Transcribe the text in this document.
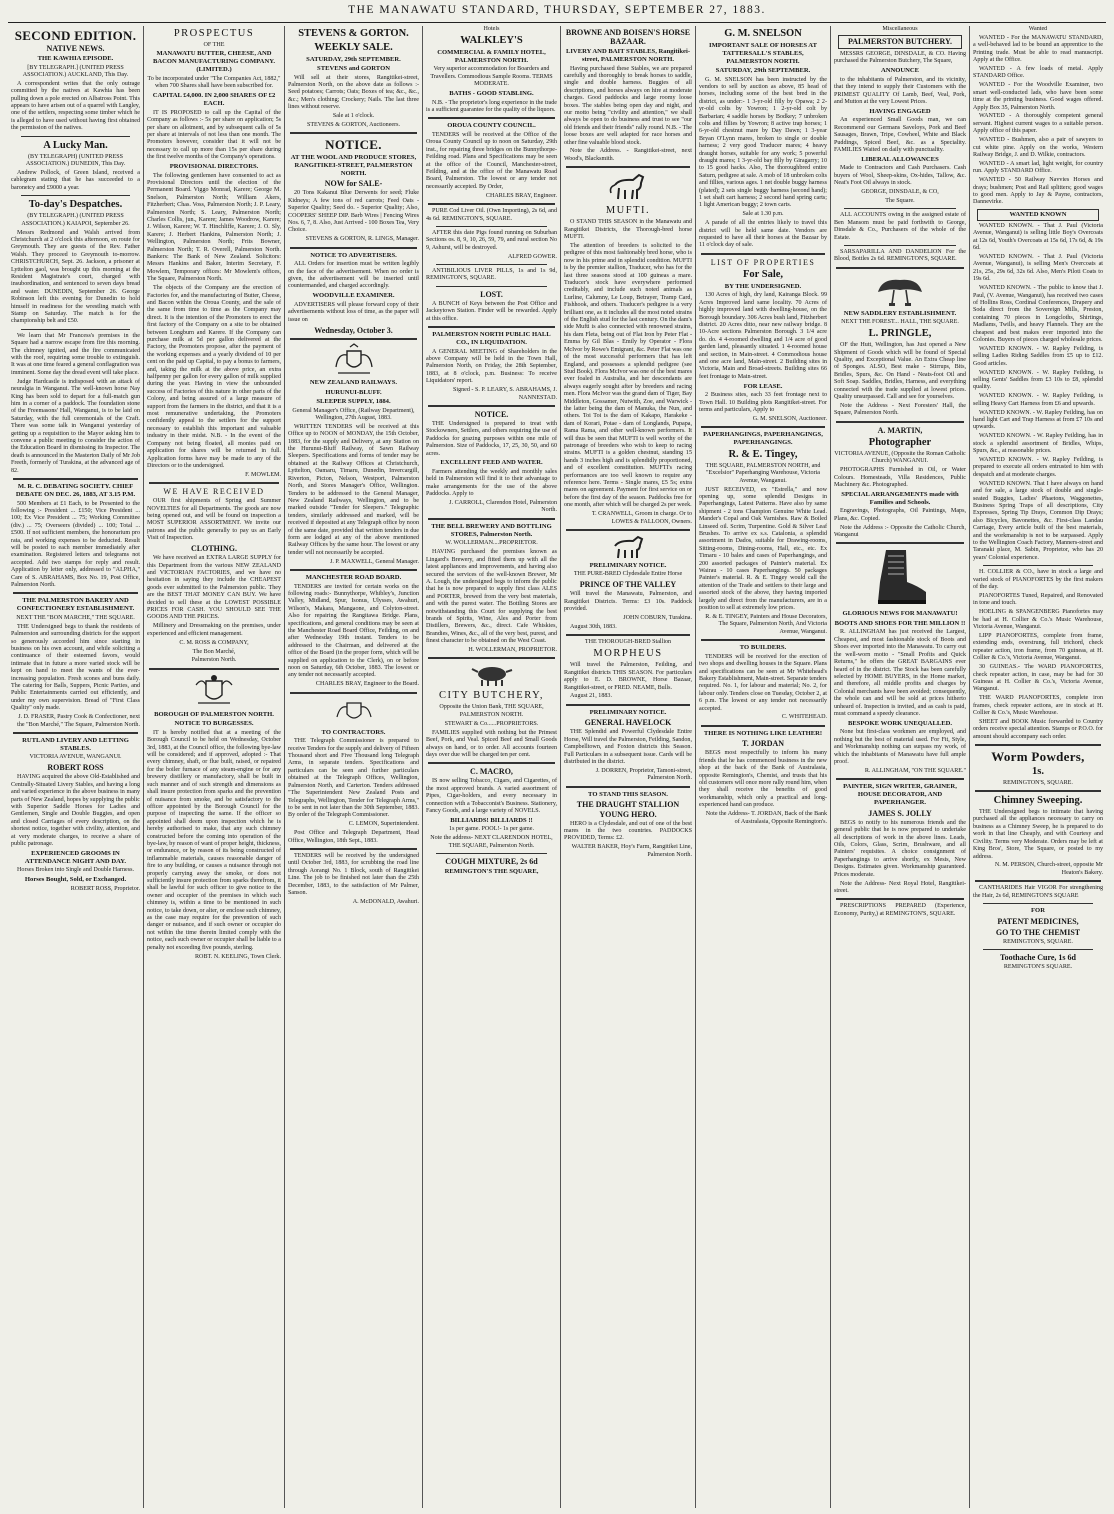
THE MANAWATU STANDARD, THURSDAY, SEPTEMBER 27, 1883.
SECOND EDITION.
NATIVE NEWS.
THE KAWHIA EPISODE.

[BY TELEGRAPH.] (UNITED PRESS ASSOCIATION.) AUCKLAND, This Day.

A correspondent writes that the only outrage committed by the natives at Kawhia has been pulling down a pole erected on Albatross Point. This appears to have arisen out of a quarrel with Langley, one of the settlers, respecting some timber which he is alleged to have used without having first obtained the permission of the natives.

A Lucky Man.

(BY TELEGRAPH) (UNITED PRESS ASSOCIATION.) DUNEDIN, This Day.

Andrew Pollock, of Green Island, received a cablegram stating that he has succeeded to a baronetcy and £9000 a year.

To-day's Despatches.

(BY TELEGRAPH.) (UNITED PRESS ASSOCIATION.) KAIAPOI, September 26.

Messrs Redmond and Walsh arrived from Christchurch at 2 o'clock this afternoon, en route for Greymouth. They are guests of the Rev. Father Walsh. They proceed to Greymouth to-morrow. CHRISTCHURCH, Sept. 26. Jackson, a prisoner at Lyttelton gaol, was brought up this morning at the Resident Magistrate's court, charged with insubordination, and sentenced to seven days bread and water. DUNEDIN, September 26. George Robinson left this evening for Dunedin to hold himself in readiness for the wrestling match with Stamp on Saturday. The match is for the championship belt and £50.

We learn that Mr Francess's premises in the Square had a narrow escape from fire this morning. The chimney ignited, and the fire communicated with the roof, requiring some trouble to extinguish. It was at one time feared a general conflagration was imminent. Some day the dread event will take place.

Judge Hardcastle is indisposed with an attack of neuralgia in Wanganui. The well-known horse Nay King has been sold to depart for a full-match gun him in a corner of a paddock. The foundation stone of the Freemasons' Hall, Wanganui, is to be laid on Saturday, with the full ceremonials of the Craft. There was some talk in Wanganui yesterday of getting up a requisition to the Mayor asking him to convene a public meeting to consider the action of the Education Board in dismissing its Inspector. The death is announced in the Masterton Daily of Mr Job Freeth, formerly of Turakina, at the advanced age of 82.

M. R. C. DEBATING SOCIETY. CHIEF DEBATE ON DEC. 26, 1883, AT 3.15 P.M.

500 Members at £1 Each, to be Presented to the following :- President ... £150; Vice President ... 100; Ex Vice President ... 75; Working Committee (div.) ... 75; Overseers (divided) ... 100; Total ... £500. If not sufficient members, the honorarium pro rata, and working expenses to be deducted. Result will be posted to each member immediately after examination. Registered letters and telegrams not accepted. Add two stamps for reply and result. Application by letter only, addressed to "ALPHA," Care of S. ABRAHAMS, Box No. 19, Post Office, Palmerston North.

THE PALMERSTON BAKERY AND CONFECTIONERY ESTABLISHMENT.

NEXT THE "BON MARCHE," THE SQUARE.

THE Undersigned begs to thank the residents of Palmerston and surrounding districts for the support so generously accorded him since starting in business on his own account, and while soliciting a continuance of their esteemed favors, would intimate that in future a more varied stock will be kept on hand to meet the wants of the ever-increasing population. Fresh scones and buns daily. The catering for Balls, Suppers, Picnic Parties, and Public Entertainments carried out efficiently, and under my own supervision. Bread of "First Class Quality" only made.

J. D. FRASER, Pastry Cook & Confectioner, next the "Bon Marché," The Square, Palmerston North.

RUTLAND LIVERY AND LETTING STABLES.

VICTORIA AVENUE, WANGANUI.

ROBERT ROSS

HAVING acquired the above Old-Established and Centrally-Situated Livery Stables, and having a long and varied experience in the above business in many parts of New Zealand, hopes by supplying the public with Superior Saddle Horses for Ladies and Gentlemen, Single and Double Buggies, and open and closed Carriages of every description, on the shortest notice, together with civility, attention, and at very moderate charges, to receive a share of public patronage.

EXPERIENCED GROOMS IN ATTENDANCE NIGHT AND DAY.

Horses Broken into Single and Double Harness.

Horses Bought, Sold, or Exchanged.

ROBERT ROSS, Proprietor.

PROSPECTUS

OF THE

MANAWATU BUTTER, CHEESE, AND BACON MANUFACTURING COMPANY. (LIMITED.)

To be incorporated under "The Companies Act, 1882," when 700 Shares shall have been subscribed for.

CAPITAL £4,000. IN 2,000 SHARES OF £2 EACH.

IT IS PROPOSED to call up the Capital of the Company as follows :- 5s per share on application; 5s per share on allotment, and by subsequent calls of 5s per share at intervals of not less than one month. The Promoters however, consider that it will not be necessary to call up more than 15s per share during the first twelve months of the Company's operations.

PROVISIONAL DIRECTORS.

The following gentlemen have consented to act as Provisional Directors until the election of the Permanent Board. Viggo Monrad, Karere; George M. Snelson, Palmerston North; William Akers, Fitzherbert; Chas. Voss, Palmerston North; J. P. Leary, Palmerston North; S. Leary, Palmerston North; Charles Collis, jun., Karere; James Woodrow, Karere; J. Wilson, Karere; W. T. Hinchliffe, Karere; J. O. Sly, Karere; J. Herbert Hankins, Palmerston North; J. Wellington, Palmerston North; Frits Bowner, Palmerston North; T. R. Overell, Palmerston North. Bankers: The Bank of New Zealand. Solicitors: Messrs Hankins and Baker, Interim Secretary, F. Mowlem, Temporary offices: Mr Mowlem's offices, The Square, Palmerston North.

The objects of the Company are the erection of Factories for, and the manufacturing of Butter, Cheese, and Bacon within the Oroua County, and the sale of the same from time to time as the Company may direct. It is the intention of the Promoters to erect the first factory of the Company on a site to be obtained between Longburn and Karere. If the Company can purchase milk at 5d per gallon delivered at the Factory, the Promoters propose, after the payment of the working expenses and a yearly dividend of 10 per cent on the paid up Capital, to pay a bonus to farmers, and, taking the milk at the above price, an extra halfpenny per gallon for every gallon of milk supplied during the year. Having in view the unbounded success of Factories of this nature in other parts of the Colony, and being assured of a large measure of support from the farmers in the district, and that it is a most remunerative undertaking, the Promoters confidently appeal to the settlers for the support necessary to establish this important and valuable industry in their midst. N.B. - In the event of the Company not being floated, all monies paid on application for shares will be returned in full. Application forms have may be made to any of the Directors or to the undersigned.

F. MOWLEM.

WE HAVE RECEIVED

OUR first shipments of Spring and Summer NOVELTIES for all Departments. The goods are now being opened out, and will be found on inspection a MOST SUPERIOR ASSORTMENT. We invite our patrons and the public generally to pay us an Early Visit of Inspection.

CLOTHING.

We have received an EXTRA LARGE SUPPLY for this Department from the various NEW ZEALAND and VICTORIAN FACTORIES, and we have no hesitation in saying they include the CHEAPEST goods ever submitted to the Palmerston public. They are the BEST THAT MONEY CAN BUY. We have decided to sell these at the LOWEST POSSIBLE PRICES FOR CASH. YOU SHOULD SEE THE GOODS AND THE PRICES.

Millinery and Dressmaking on the premises, under experienced and efficient management.

C. M. ROSS & COMPANY,

The Bon Marché,

Palmerston North.

BOROUGH OF PALMERSTON NORTH.
NOTICE TO BURGESSES.

IT is hereby notified that at a meeting of the Borough Council to be held on Wednesday, October 3rd, 1883, at the Council office, the following bye-law will be considered; and if approved, adopted :- That every chimney, shaft, or flue built, raised, or repaired for the boiler furnace of any steam-engine or for any brewery distillery or manufactory, shall be built in such manner and of such strength and dimensions as shall insure protection from sparks and the prevention of nuisance from smoke, and be satisfactory to the officer appointed by the Borough Council for the purpose of inspecting the same. If the officer so appointed shall deem upon inspection which he is hereby authorised to make, that any such chimney constructed before the coming into operation of the bye-law, by reason of want of proper height, thickness, or endurance, or by reason of its being constructed of inflammable materials, causes reasonable danger of fire to any building, or causes a nuisance through not properly carrying away the smoke, or does not sufficiently insure protection from sparks therefrom, it shall be lawful for such officer to give notice to the owner and occupier of the premises in which such chimney is, within a time to be mentioned in such notice, to take down, or alter, or enclose such chimney, as the case may require for the prevention of such danger or nuisance, and if such owner or occupier do not within the time therein limited comply with the notice, each such owner or occupier shall be liable to a penalty not exceeding five pounds, sterling.

ROBT. N. KEELING, Town Clerk.

STEVENS & GORTON.
WEEKLY SALE.
SATURDAY, 29th SEPTEMBER.
STEVENS and GORTON

Will sell at their stores, Rangitikei-street, Palmerston North, on the above date as follows :- Seed potatoes; Carrots; Oats; Boxes of tea; &c., &c., &c.; Men's clothing; Crockery; Nails. The last three lines without reserve.

Sale at 1 o'clock.

STEVENS & GORTON, Auctioneers.

NOTICE.
AT THE WOOL AND PRODUCE STORES, RANGITIKEI-STREET, PALMERSTON NORTH.
NOW for SALE-

20 Tons Kakanui Blue Derwents for seed; Fluke Kidneys; A few tons of red carrots; Feed Oats - Superior Quality; Seed do. - Superior Quality; Also, COOPERS' SHEEP DIP. Barb Wires | Fencing Wires Nos. 6, 7, 8. Also, Just Arrived - 100 Boxes Tea, Very Choice.

STEVENS & GORTON, R. LINGS, Manager.

NOTICE TO ADVERTISERS.

ALL Orders for insertion must be written legibly on the face of the advertisement. When no order is given, the advertisement will be inserted until countermanded, and charged accordingly.

WOODVILLE EXAMINER.

ADVERTISERS will please forward copy of their advertisements without loss of time, as the paper will issue on

Wednesday, October 3.
NEW ZEALAND RAILWAYS.
HURUNUI-BLUFF.
SLEEPER SUPPLY, 1884.

General Manager's Office, (Railway Department), Wellington, 27th August, 1883.

WRITTEN TENDERS will be received at this Office up to NOON of MONDAY, the 15th October, 1883, for the supply and Delivery, at any Station on the Hurunui-Bluff Railway, of Sawn Railway Sleepers. Specifications and forms of tender may be obtained at the Railway Offices at Christchurch, Lyttelton, Oamaru, Timaru, Dunedin, Invercargill, Riverton, Picton, Nelson, Westport, Palmerston North, and Stores Manager's Office, Wellington. Tenders to be addressed to the General Manager, New Zealand Railways, Wellington, and to be marked outside "Tender for Sleepers." Telegraphic tenders, similarly addressed and marked, will be received if deposited at any Telegraph office by noon of the same date, provided that written tenders in due form are lodged at any of the above mentioned Railway Offices by the same hour. The lowest or any tender will not necessarily be accepted.

J. P. MAXWELL, General Manager.

MANCHESTER ROAD BOARD.

TENDERS are invited for certain works on the following roads:- Bunnythorpe, Whibley's, Junction Valley, Midland, Spur, Isonus, Ulysses, Awahuri, Wilson's, Makara, Mangaone, and Colyton-street. Also for repairing the Rangitawa Bridge. Plans, specifications, and general conditions may be seen at the Manchester Road Board Office, Feilding, on and after Wednesday 19th instant. Tenders to be addressed to the Chairman, and delivered at the office of the Board (in the proper form, which will be supplied on application to the Clerk), on or before noon on Saturday, 6th October, 1883. The lowest or any tender not necessarily accepted.

CHARLES BRAY, Engineer to the Board.

TO CONTRACTORS.

THE Telegraph Commissioner is prepared to receive Tenders for the supply and delivery of Fifteen Thousand short and Five Thousand long Telegraph Arms, in separate tenders. Specifications and particulars can be seen and further particulars obtained at the Telegraph Offices, Wellington, Palmerston North, and Carterton. Tenders addressed "The Superintendent New Zealand Posts and Telegraphs, Wellington, Tender for Telegraph Arms," to be sent in not later than the 30th September, 1883. By order of the Telegraph Commissioner.

C. LEMON, Superintendent.

Post Office and Telegraph Department, Head Office, Wellington, 18th Sept., 1883.

TENDERS will be received by the undersigned until October 3rd, 1883, for scrubbing the road line through Aorangi No. 1 Block, south of Rangitikei Line. The job to be finished not later than the 25th December, 1883, to the satisfaction of Mr Palmer, Sanson.

A. McDONALD, Awahuri.

Hotels

WALKLEY'S
COMMERCIAL & FAMILY HOTEL, PALMERSTON NORTH.

Very superior accommodation for Boarders and Travellers. Commodious Sample Rooms. TERMS MODERATE.

BATHS - GOOD STABLING.

N.B. - The proprietor's long experience in the trade is a sufficient guarantee for the quality of the liquors.

OROUA COUNTY COUNCIL.

TENDERS will be received at the Office of the Oroua County Council up to noon on Saturday, 29th inst., for repairing three bridges on the Bunnythorpe-Feilding road. Plans and Specifications may be seen at the office of the Council, Manchester-street, Feilding, and at the office of the Manawatu Road Board, Palmerston. The lowest or any tender not necessarily accepted. By Order,

CHARLES BRAY, Engineer.

PURE Cod Liver Oil. (Own Importing), 2s 6d, and 4s 6d. REMINGTON'S, SQUARE.

AFTER this date Pigs found running on Suburban Sections os. 8, 9, 10, 26, 59, 79, and rural section No 9, Ashurst, will be destroyed.

ALFRED GOWER.

ANTIBILIOUS LIVER PILLS, 1s and 1s 9d, REMINGTON'S, SQUARE.

LOST.

A BUNCH of Keys between the Post Office and Jackeytown Station. Finder will be rewarded. Apply at this office.

PALMERSTON NORTH PUBLIC HALL CO., IN LIQUIDATION.

A GENERAL MEETING of Shareholders in the above Company will be held in the Town Hall, Palmerston North, on Friday, the 28th September, 1883, at 8 o'clock, p.m. Business: To receive Liquidators' report.

Signed - S. P. LEARY, S. ABRAHAMS, J. NANNESTAD.

NOTICE.

THE Undersigned is prepared to treat with Stockowners, Settlers, and others requiring the use of Paddocks for grazing purposes within one mile of Palmerston. Size of Paddocks, 17, 25, 30, 50, and 60 acres.

EXCELLENT FEED AND WATER.

Farmers attending the weekly and monthly sales held in Palmerston will find it to their advantage to make arrangements for the use of the above Paddocks. Apply to

J. CARROLL, Clarendon Hotel, Palmerston North.

THE BELL BREWERY AND BOTTLING STORES, Palmerston North.

W. WOLLERMAN....PROPRIETOR.

HAVING purchased the premises known as Lingard's Brewery, and fitted them up with all the latest appliances and improvements, and having also secured the services of the well-known Brewer, Mr A. Lough, the undersigned begs to inform the public that he is now prepared to supply first class ALES and PORTER, brewed from the very best materials, and with the purest water. The Bottling Stores are notwithstanding this Court for supplying the best brands of Spirits, Wine, Ales and Porter from Distillers, Brewers, &c., direct. Cafe Whiskies, Brandies, Wines, &c., all of the very best, purest, and finest character to be obtained on the West Coast.

H. WOLLERMAN, PROPRIETOR.

CITY BUTCHERY,

Opposite the Union Bank, THE SQUARE, PALMERSTON NORTH.

STEWART & Co......PROPRIETORS.

FAMILIES supplied with nothing but the Primest Beef, Pork, and Veal. Spiced Beef and Small Goods always on hand, or to order. All accounts fourteen days over due will be charged ten per cent.

C. MACRO,

IS now selling Tobacco, Cigars, and Cigarettes, of the most approved brands. A varied assortment of Pipes, Cigar-holders, and every necessary in connection with a Tobacconist's Business. Stationery, Fancy Goods, and a large variety of NOVELS.

BILLIARDS! BILLIARDS !!

1s per game. POOL!- 1s per game.

Note the address- NEXT CLARENDON HOTEL, THE SQUARE, Palmerston North.

COUGH MIXTURE, 2s 6d
REMINGTON'S THE SQUARE,
BROWNE AND BOISEN'S HORSE BAZAAR.
LIVERY AND BAIT STABLES, Rangitikei-street, PALMERSTON NORTH.

Having purchased these Stables, we are prepared carefully and thoroughly to break horses to saddle, single and double harness. Buggies of all descriptions, and horses always on hire at moderate charges. Good paddocks and large roomy loose boxes. The stables being open day and night, and our motto being "civility and attention," we shall always be open to do business and trust to see "our old friends and their friends" rally round. N.B. - The loose boxes are well adapted for race horses and other fine valuable blood stock.

Note the Address. - Rangitikei-street, next Wood's, Blacksmith.

MUFTI.

O STAND THIS SEASON in the Manawatu and Rangitikei Districts, the Thorough-bred horse MUFTI.

The attention of breeders is solicited to the pedigree of this most fashionably bred horse, who is now in his prime and in splendid condition. MUFTI is by the premier stallion, Traducer, who has for the last three seasons stood at 100 guineas a mare. Traducer's stock have everywhere performed creditably, and include such noted animals as Lurline, Calumny, Le Loup, Betrayer, Tramp Card, Fishhook, and others. Traducer's pedigree is a very brilliant one, as it includes all the most noted strains of the English stud for the last century. On the dam's side Mufti is also connected with renowned strains, his dam Fleta, being out of Flat Iron by Peter Flat - Emma by Gil Blas - Emily by Operator - Flora McIvor by Rowe's Emigrant, &c. Peter Flat was one of the most successful performers that has left England, and possesses a splendid pedigree (see Stud Book). Flora McIvor was one of the best mares ever foaled in Australia, and her descendants are always eagerly sought after by breeders and racing men. Flora McIvor was the grand dam of Tiger, Bay Middleton, Gossamer, Nutwith, Zoe, and Warwick - the latter being the dam of Manuka, the Nun, and others. Toi Toi is the dam of Kakapo, Harakeke - dam of Korari, Potae - dam of Longlands, Pupapa, Rama Rama, and other well-known performers. It will thus be seen that MUFTI is well worthy of the patronage of breeders who wish to keep to racing strains. MUFTI is a golden chestnut, standing 15 hands 3 inches high and is splendidly proportioned, and of excellent constitution. MUFTI's racing performances are too well known to require any reference here. Terms - Single mares, £5 5s; extra mares on agreement. Payment for first service on or before the first day of the season. Paddocks free for one month, after which will be charged 2s per week.

T. CRANWELL, Groom in charge. Or to LOWES & FALLOON, Owners.

PRELIMINARY NOTICE.

THE PURE-BRED Clydesdale Entire Horse

PRINCE OF THE VALLEY

Will travel the Manawatu, Palmerston, and Rangitikei Districts. Terms: £3 10s. Paddock provided.

JOHN COBURN, Turakina.

August 30th, 1883.

THE THOROUGH-BRED Stallion

MORPHEUS

Will travel the Palmerston, Feilding, and Rangitikei districts THIS SEASON. For particulars apply to E. D. BROWNE, Horse Bazaar, Rangitikei-street, or FRED. NEAME, Bulls.

August 21, 1883.

PRELIMINARY NOTICE.
GENERAL HAVELOCK

THE Splendid and Powerful Clydesdale Entire Horse, Will travel the Palmerston, Feilding, Sandon, Campbelltown, and Foxton districts this Season. Full Particulars in a subsequent issue. Cards will be distributed in the district.

J. DORREN, Proprietor, Tamoni-street, Palmerston North.

TO STAND THIS SEASON.
THE DRAUGHT STALLION YOUNG HERO.

HERO is a Clydesdale, and out of one of the best mares in the two countries. PADDOCKS PROVIDED, Terms: £2.

WALTER BAKER, Hoy's Farm, Rangitikei Line, Palmerston North.

G. M. SNELSON
IMPORTANT SALE OF HORSES AT TATTERSALL'S STABLES, PALMERSTON NORTH.
SATURDAY, 29th SEPTEMBER.

G. M. SNELSON has been instructed by the vendors to sell by auction as above, 85 head of horses, including some of the best bred in the district, as under:- 1 3-yr-old filly by Opawa; 2 2-yr-old colts by Yowron; 1 2-yr-old colt by Barbarian; 4 saddle horses by Bodkey; 7 unbroken colts and fillies by Yowron; 8 active trap horses; 1 6-yr-old chestnut mare by Day Dawn; 1 3-year Bryan O'Lynn mares, broken to single or double harness; 2 very good Traducer mares; 4 heavy draught horses, suitable for any work; 5 powerful draught mares; 1 3-yr-old bay filly by Giragarry; 10 to 15 good hacks. Also, The thoroughbred entire Saturn, pedigree at sale. A mob of 18 unbroken colts and fillies, various ages. 1 net double buggy harness (plated); 2 sets single buggy harness (second hand); 1 set shaft cart harness; 2 second hand spring carts; 1 light American buggy; 2 town carts.

Sale at 1.30 p.m.

A parade of all the entries likely to travel this district will be held same date. Vendors are requested to have all their horses at the Bazaar by 11 o'clock day of sale.

LIST OF PROPERTIES
For Sale,
BY THE UNDERSIGNED.

130 Acres of high, dry land, Kairanga Block. 99 Acres Improved land same locality. 70 Acres of highly improved land with dwelling-house, on the Borough boundary. 306 Acres bush land, Fitzherbert district. 20 Acres ditto, near new railway bridge. 8 10-Acre sections Palmerston Borough. 3 1/4 acre do. do. 4 4-roomed dwelling and 1/4 acre of good garden land, pleasantly situated. 1 4-roomed house and section, in Main-street. 4 Commodious house and one acre land, Main-street. 2 Building sites in Victoria, Main and Broad-streets. Building sites 66 feet frontage to Main-street.

FOR LEASE.

2 Business sites, each 33 feet frontage next to Town Hall. 10 Building plots Rangitikei-street. For terms and particulars, Apply to

G. M. SNELSON, Auctioneer.

PAPERHANGINGS, PAPERHANGINGS, PAPERHANGINGS.
R. & E. Tingey,

THE SQUARE, PALMERSTON NORTH, and "Excelsior" Paperhanging Warehouse, Victoria Avenue, Wanganui.

JUST RECEIVED, ex "Estrella," and now opening up, some splendid Designs in Paperhangings, Latest Patterns. Have also by same shipment - 2 tons Champion Genuine White Lead. Mander's Copal and Oak Varnishes. Raw & Boiled Linseed oil. Scrim, Turpentine. Gold & Silver Leaf Brushes. To arrive ex s.s. Catalonia, a splendid assortment in Dados, suitable for Drawing-rooms, Sitting-rooms, Dining-rooms, Hall, etc., etc. Ex Timaru - 10 bales and cases of Paperhangings, and 200 assorted packages of Painter's material. Ex Wairau - 10 cases Paperhangings. 50 packages Painter's material. R. & E. Tingey would call the attention of the Trade and settlers to their large and assorted stock of the above, they having imported largely and direct from the manufacturers, are in a position to sell at extremely low prices.

R. & E. TINGEY, Painters and House Decorators, The Square, Palmerston North, And Victoria Avenue, Wanganui.

TO BUILDERS.

TENDERS will be received for the erection of two shops and dwelling houses in the Square. Plans and specifications can be seen at Mr Whitehead's Bakery Establishment, Main-street. Separate tenders required. No. 1, for labour and material; No. 2, for labour only. Tenders close on Tuesday, October 2, at 6 p.m. The lowest or any tender not necessarily accepted.

C. WHITEHEAD.

THERE IS NOTHING LIKE LEATHER!
T. JORDAN

BEGS most respectfully to inform his many friends that he has commenced business in the new shop at the back of the Bank of Australasia, opposite Remington's, Chemist, and trusts that his old customers will once more rally round him, when they shall receive the benefits of good workmanship, which only a practical and long-experienced hand can produce.

Note the Address- T. JORDAN, Back of the Bank of Australasia, Opposite Remington's.

Miscellaneous

PALMERSTON BUTCHERY.

MESSRS GEORGE, DINSDALE, & CO. Having purchased the Palmerston Butchery, The Square,

ANNOUNCE

to the inhabitants of Palmerston, and its vicinity, that they intend to supply their Customers with the PRIMEST QUALITY Of Lamb, Beef, Veal, Pork, and Mutton at the very Lowest Prices.

HAVING ENGAGED

An experienced Small Goods man, we can Recommend our Germans Saveloys, Pork and Beef Sausages, Brawn, Tripe, Cowheel, White and Black Puddings, Spiced Beef, &c. as a Speciality. FAMILIES Waited on daily with punctuality.

LIBERAL ALLOWANCES

Made to Contractors and Cash Purchasers. Cash buyers of Wool, Sheep-skins, Ox-hides, Tallow, &c. Neat's Foot Oil always in stock.

GEORGE, DINSDALE, & CO,

The Square.

ALL ACCOUNTS owing in the assigned estate of Ben Mansom must be paid forthwith to George, Dinsdale & Co., Purchasers of the whole of the Estate.

SARSAPARILLA AND DANDELION For the Blood, Bottles 2s 6d. REMINGTON'S, SQUARE.

NEW SADDLERY ESTABLISHMENT.

NEXT THE FOREST... HALL, THE SQUARE.

L. PRINGLE,

OF the Hutt, Wellington, has Just opened a New Shipment of Goods which will be found of Special Quality, and Exceptional Value. An Extra Cheap line of Sponges. ALSO, Best make - Stirrups, Bits, Bridles, Spurs, &c. On Hand - Neats-foot Oil and Soft Soap. Saddles, Bridles, Harness, and everything connected with the trade supplied at lowest prices. Quality unsurpassed. Call and see for yourselves.

Note the Address - Next Foresters' Hall, the Square, Palmerston North.

A. MARTIN,
Photographer

VICTORIA AVENUE, (Opposite the Roman Catholic Church) WANGANUI.

PHOTOGRAPHS Furnished in Oil, or Water Colours. Homesteads, Villa Residences, Public Machinery &c. Photographed.

SPECIAL ARRANGEMENTS made with Families and Schools.

Engravings, Photographs, Oil Paintings, Maps, Plans, &c. Copied.

Note the Address :- Opposite the Catholic Church, Wanganui

GLORIOUS NEWS FOR MANAWATU!
BOOTS AND SHOES FOR THE MILLION !!

R. ALLINGHAM has just received the Largest, Cheapest, and most fashionable stock of Boots and Shoes ever imported into the Manawatu. To carry out the well-worn motto - "Small Profits and Quick Returns," he offers the GREAT BARGAINS ever heard of in the district. The Stock has been carefully selected by HOME BUYERS, in the Home market, and therefore, all middle profits and charges by Colonial merchants have been avoided; consequently, the whole can and will be sold at prices hitherto unheard of. Inspection is invited, and as cash is paid, must command a speedy clearance.

BESPOKE WORK UNEQUALLED.

None but first-class workmen are employed, and nothing but the best of material used. For Fit, Style, and Workmanship nothing can surpass my work, of which the inhabitants of Manawatu have full ample proof.

R. ALLINGHAM, "ON THE SQUARE."

PAINTER, SIGN WRITER, GRAINER, HOUSE DECORATOR, AND PAPERHANGER.
JAMES S. JOLLY

BEGS to notify to his numerous friends and the general public that he is now prepared to undertake all descriptions of work in the above lines. Leads, Oils, Colors, Glass, Scrim, Brushware, and all Painters' requisites. A choice consignment of Paperhangings to arrive shortly, ex Mesis, New Designs. Estimates given. Workmanship guaranteed. Prices moderate.

Note the Address- Next Royal Hotel, Rangitikei-street.

PRESCRIPTIONS PREPARED (Experience, Economy, Purity,) at REMINGTON'S, SQUARE.

Wanted

WANTED - For the MANAWATU STANDARD, a well-behaved lad to be bound an apprentice to the Printing trade. Must be able to read manuscript. Apply at the Office.

WANTED - A few loads of metal. Apply STANDARD Office.

WANTED - For the Woodville Examiner, two smart well-conducted lads, who have been some time at the printing business. Good wages offered. Apply Box 35, Palmerston North.

WANTED - A thoroughly competent general servant. Highest current wages to a suitable person. Apply office of this paper.

WANTED - Bushmen, also a pair of sawyers to cut white pine. Apply on the works, Western Railway Bridge, J. and D. Wilkie, contractors.

WANTED - A smart lad, light weight, for country run. Apply STANDARD Office.

WANTED - 50 Railway Navvies Horses and drays; bushmen; Post and Rail splitters; good wages to good men. Apply to Jay & Payne, contractors, Dannevirke.

WANTED KNOWN

WANTED KNOWN. - That J. Paul (Victoria Avenue, Wanganui) is selling little Boy's Overcoats at 12s 6d, Youth's Overcoats at 15s 6d, 17s 6d, & 19s 6d.

WANTED KNOWN. - That J. Paul (Victoria Avenue, Wanganui), is selling Men's Overcoats at 21s, 25s, 29s 6d, 32s 6d. Also, Men's Piloti Coats to 19s 6d.

WANTED KNOWN. - The public to know that J. Paul, (V. Avenue, Wanganui), has received two cases of Hollins Ross, Cordinal Conferences, Drapery and Soda direct from the Sovereign Mills, Preston, containing 70 pieces in Longcloths, Shirtings, Madlams, Twills, and heavy Flannels. They are the cheapest and best makes ever imported into the Colonies. Buyers of pieces charged wholesale prices.

WANTED KNOWN. - W. Rapley Feilding, is selling Ladies Riding Saddles from £5 up to £12. Good articles.

WANTED KNOWN. - W. Rapley Feilding, is selling Gents' Saddles from £3 10s to £8, splendid quality.

WANTED KNOWN. - W. Rapley Feilding, is selling Heavy Cart Harness from £6 and upwards.

WANTED KNOWN. - W. Rapley Feilding, has on hand light Cart and Trap Harness at from £7 10s and upwards.

WANTED KNOWN. - W. Rapley Feilding, has in stock a splendid assortment of Bridles, Whips, Spurs, &c., at reasonable prices.

WANTED KNOWN. - W. Rapley Feilding, is prepared to execute all orders entrusted to him with despatch and at moderate charges.

WANTED KNOWN. That I have always on hand and for sale, a large stock of double and single-seated Buggies, Ladies' Phaetons, Waggonettes, Business Spring Traps of all descriptions, City Expresses, Spring Tip Drays, Common Dip Drays; also Bicycles, Bavonettes, &c. First-class Landau Carriage, Every article built of the best materials, and the workmanship is not to be surpassed. Apply to the Wellington Coach Factory, Manners-street and Taranaki place, M. Sabin, Proprietor, who has 20 years' Colonial experience.

H. COLLIER & CO., have in stock a large and varied stock of PIANOFORTES by the first makers of the day.

PIANOFORTES Tuned, Repaired, and Renovated in tone and touch.

HOELING & SPANGENBERG Pianofortes may be had at H. Collier & Co.'s Music Warehouse, Victoria Avenue, Wanganui.

LIPP PIANOFORTES, complete from frame, extending ends, overstrung, full trichord, check repeater action, iron frame, from 70 guineas, at H. Collier & Co.'s, Victoria Avenue, Wanganui.

30 GUINEAS.- The WARD PIANOFORTES, check repeater action, in case, may be had for 30 Guineas at H. Collier & Co.'s, Victoria Avenue, Wanganui.

THE WARD PIANOFORTES, complete iron frames, check repeater actions, are in stock at H. Collier & Co.'s, Music Warehouse.

SHEET and BOOK Music forwarded to Country orders receive special attention. Stamps or P.O.O. for amount should accompany each order.

Worm Powders,
1s.

REMINGTON'S, SQUARE.

Chimney Sweeping.

THE Undersigned begs to intimate that having purchased all the appliances necessary to carry on business as a Chimney Sweep, he is prepared to do work in that line Cheaply, and with Courtesy and Civility. Terms very Moderate. Orders may be left at King Bros', Store, The Square, or posted to my address.

N. M. PERSON, Church-street, opposite Mr Heaton's Bakery.

CANTHARIDES Hair VIGOR For strengthening the Hair, 2s 6d, REMINGTON'S SQUARE

FOR
PATENT MEDICINES,
GO TO THE CHEMIST

REMINGTON'S, SQUARE.

Toothache Cure, 1s 6d

REMINGTON'S SQUARE.
